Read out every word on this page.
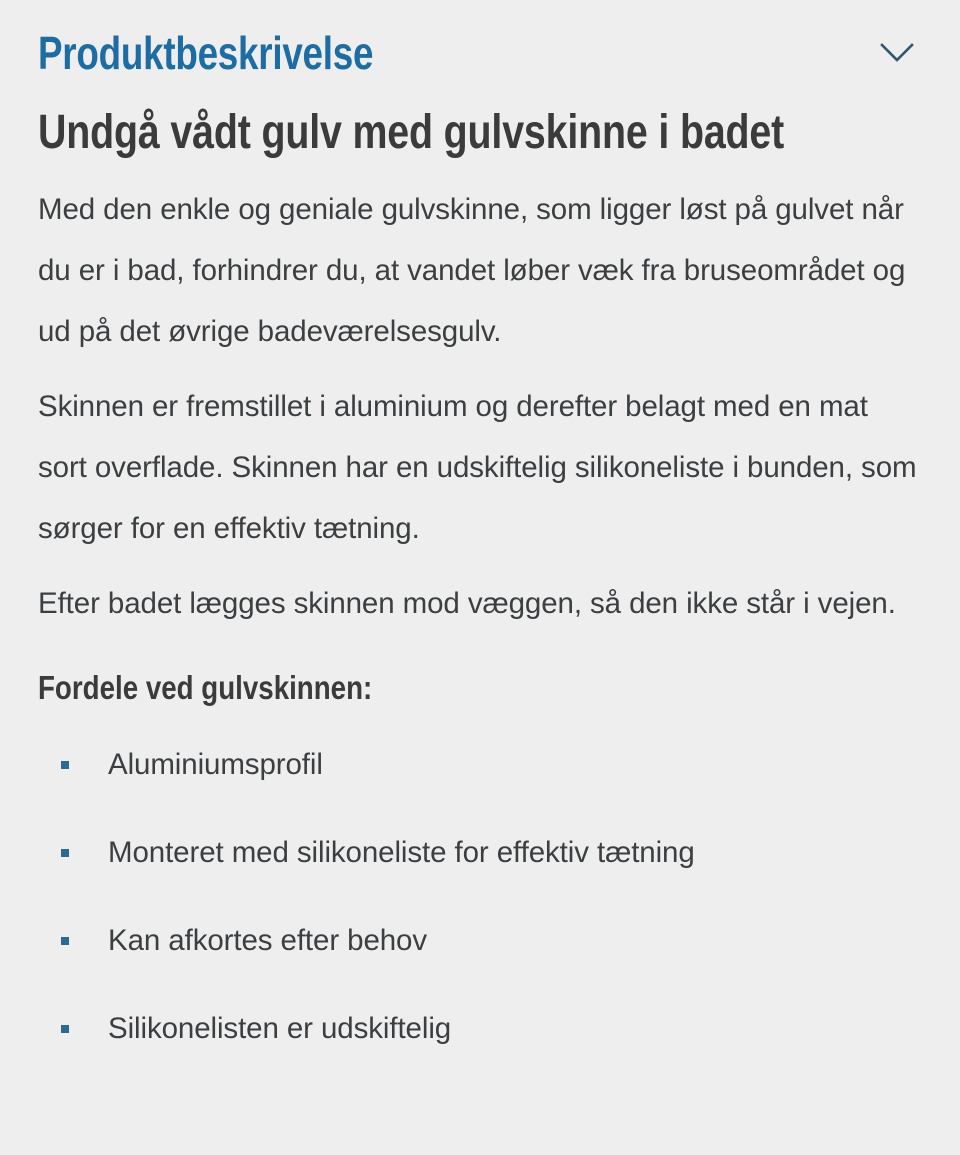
Produktbeskrivelse
Undgå vådt gulv med gulvskinne i badet

Med den enkle og geniale gulvskinne, som ligger løst på gulvet når du er i bad, forhindrer du, at vandet løber væk fra bruseområdet og ud på det øvrige badeværelsesgulv.

Skinnen er fremstillet i aluminium og derefter belagt med en mat sort overflade. Skinnen har en udskiftelig silikoneliste i bunden, som sørger for en effektiv tætning.

Efter badet lægges skinnen mod væggen, så den ikke står i vejen.

Fordele ved gulvskinnen:
Aluminiumsprofil
Monteret med silikoneliste for effektiv tætning
Kan afkortes efter behov
Silikonelisten er udskiftelig
